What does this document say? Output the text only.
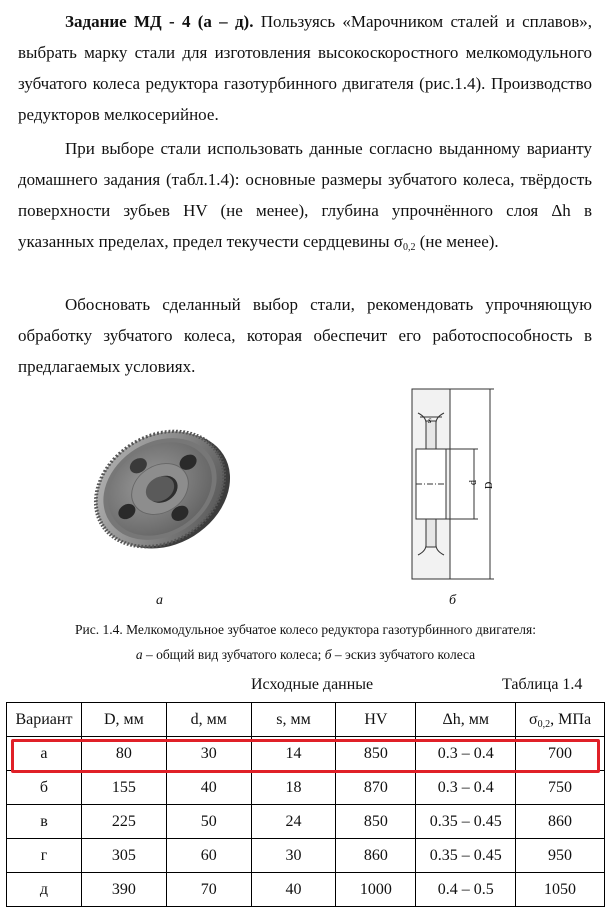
Задание МД - 4 (а – д). Пользуясь «Марочником сталей и сплавов», выбрать марку стали для изготовления высокоскоростного мелкомодульного зубчатого колеса редуктора газотурбинного двигателя (рис.1.4). Производство редукторов мелкосерийное.
При выборе стали использовать данные согласно выданному варианту домашнего задания (табл.1.4): основные размеры зубчатого колеса, твёрдость поверхности зубьев HV (не менее), глубина упрочнённого слоя Δh в указанных пределах, предел текучести сердцевины $\sigma_{0,2}$ (не менее).
Обосновать сделанный выбор стали, рекомендовать упрочняющую обработку зубчатого колеса, которая обеспечит его работоспособность в предлагаемых условиях.
s
d D
а	б
Рис. 1.4. Мелкомодульное зубчатое колесо редуктора газотурбинного двигателя:
а – общий вид зубчатого колеса; б – эскиз зубчатого колеса
Исходные данные	Таблица 1.4
Вариант	D, мм	d, мм	s, мм	HV	Δh, мм	$\sigma_{0,2}$, МПа
а	80	30	14	850	0.3 – 0.4	700
б	155	40	18	870	0.3 – 0.4	750
в	225	50	24	850	0.35 – 0.45	860
г	305	60	30	860	0.35 – 0.45	950
д	390	70	40	1000	0.4 – 0.5	1050
